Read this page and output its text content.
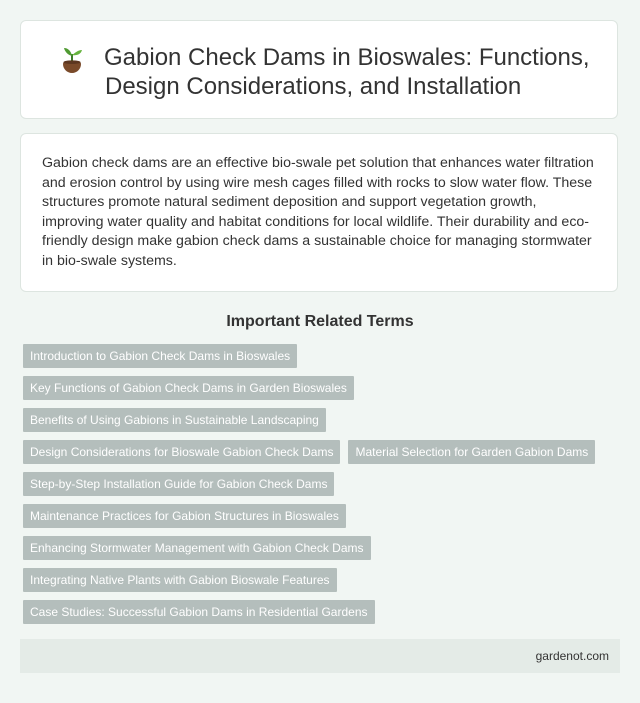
Gabion Check Dams in Bioswales: Functions,
Design Considerations, and Installation

Gabion check dams are an effective bio-swale pet solution that enhances water filtration and erosion control by using wire mesh cages filled with rocks to slow water flow. These structures promote natural sediment deposition and support vegetation growth, improving water quality and habitat conditions for local wildlife. Their durability and eco-friendly design make gabion check dams a sustainable choice for managing stormwater in bio-swale systems.

Important Related Terms
Introduction to Gabion Check Dams in Bioswales
Key Functions of Gabion Check Dams in Garden Bioswales
Benefits of Using Gabions in Sustainable Landscaping
Design Considerations for Bioswale Gabion Check Dams	Material Selection for Garden Gabion Dams
Step-by-Step Installation Guide for Gabion Check Dams
Maintenance Practices for Gabion Structures in Bioswales
Enhancing Stormwater Management with Gabion Check Dams
Integrating Native Plants with Gabion Bioswale Features
Case Studies: Successful Gabion Dams in Residential Gardens
gardenot.com
